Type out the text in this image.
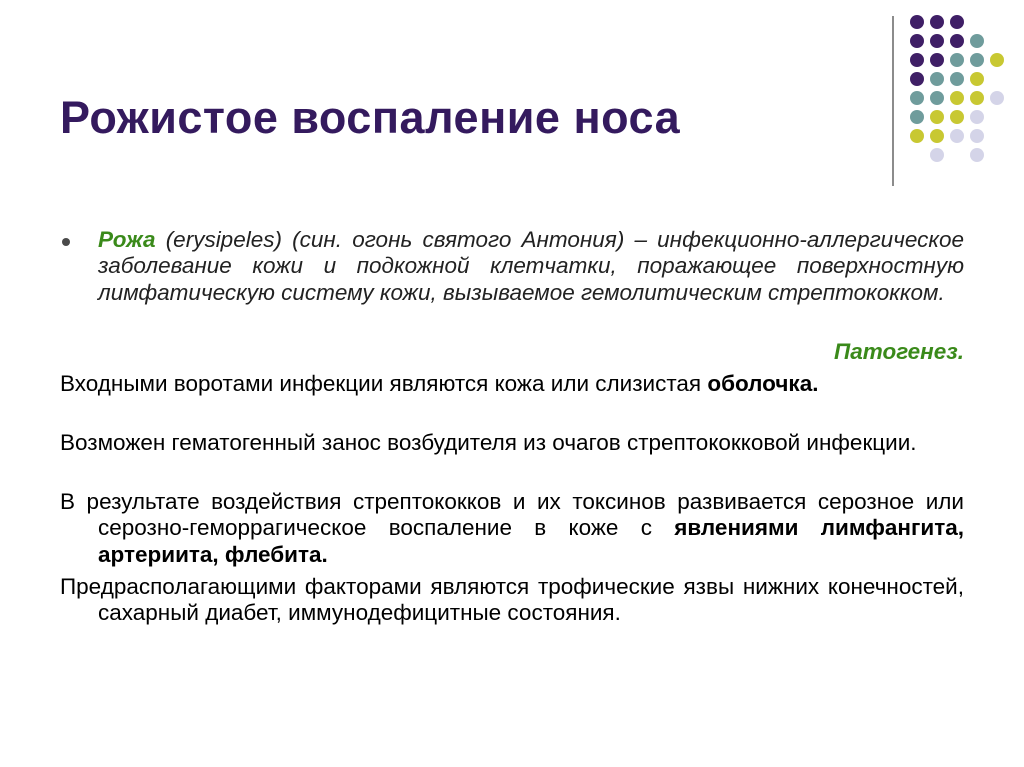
Рожистое воспаление носа
Рожа (erysipeles) (син. огонь святого Антония) – инфекционно-аллергическое заболевание кожи и подкожной клетчатки, поражающее поверхностную лимфатическую систему кожи, вызываемое гемолитическим стрептококком.
Патогенез.
Входными воротами инфекции являются кожа или слизистая оболочка.
Возможен гематогенный занос возбудителя из очагов стрептококковой инфекции.
В результате воздействия стрептококков и их токсинов развивается серозное или серозно-геморрагическое воспаление в коже с явлениями лимфангита, артериита, флебита.
Предрасполагающими факторами являются трофические язвы нижних конечностей, сахарный диабет, иммунодефицитные состояния.
